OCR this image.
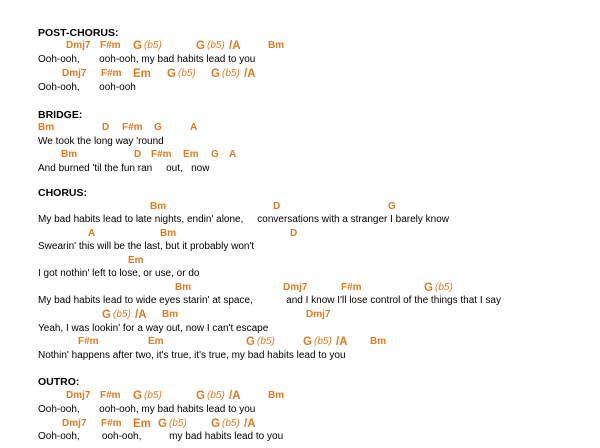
POST-CHORUS:
Dmj7 F#m G (b5)	G (b5) /A	Bm
Ooh-ooh,       ooh-ooh, my bad habits lead to you
Dmj7 F#m Em G (b5) G (b5) /A
Ooh-ooh,       ooh-ooh
BRIDGE:
Bm	D F#m G	A
We took the long way 'round
Bm	D F#m Em G A
And burned 'til the fun ran     out,   now
CHORUS:
Bm	D	G
My bad habits lead to late nights, endin' alone,     conversations with a stranger I barely know
A	Bm	D
Swearin' this will be the last, but it probably won't
Em
I got nothin' left to lose, or use, or do
Bm	Dmj7	F#m	G (b5)
My bad habits lead to wide eyes starin' at space,            and I know I'll lose control of the things that I say
G (b5) /A Bm	Dmj7
Yeah, I was lookin' for a way out, now I can't escape
F#m	Em	G (b5) G (b5) /A Bm
Nothin' happens after two, it's true, it's true, my bad habits lead to you
OUTRO:
Dmj7 F#m G (b5)	G (b5) /A	Bm
Ooh-ooh,       ooh-ooh, my bad habits lead to you
Dmj7 F#m Em G (b5) G (b5) /A
Ooh-ooh,        ooh-ooh,          my bad habits lead to you
